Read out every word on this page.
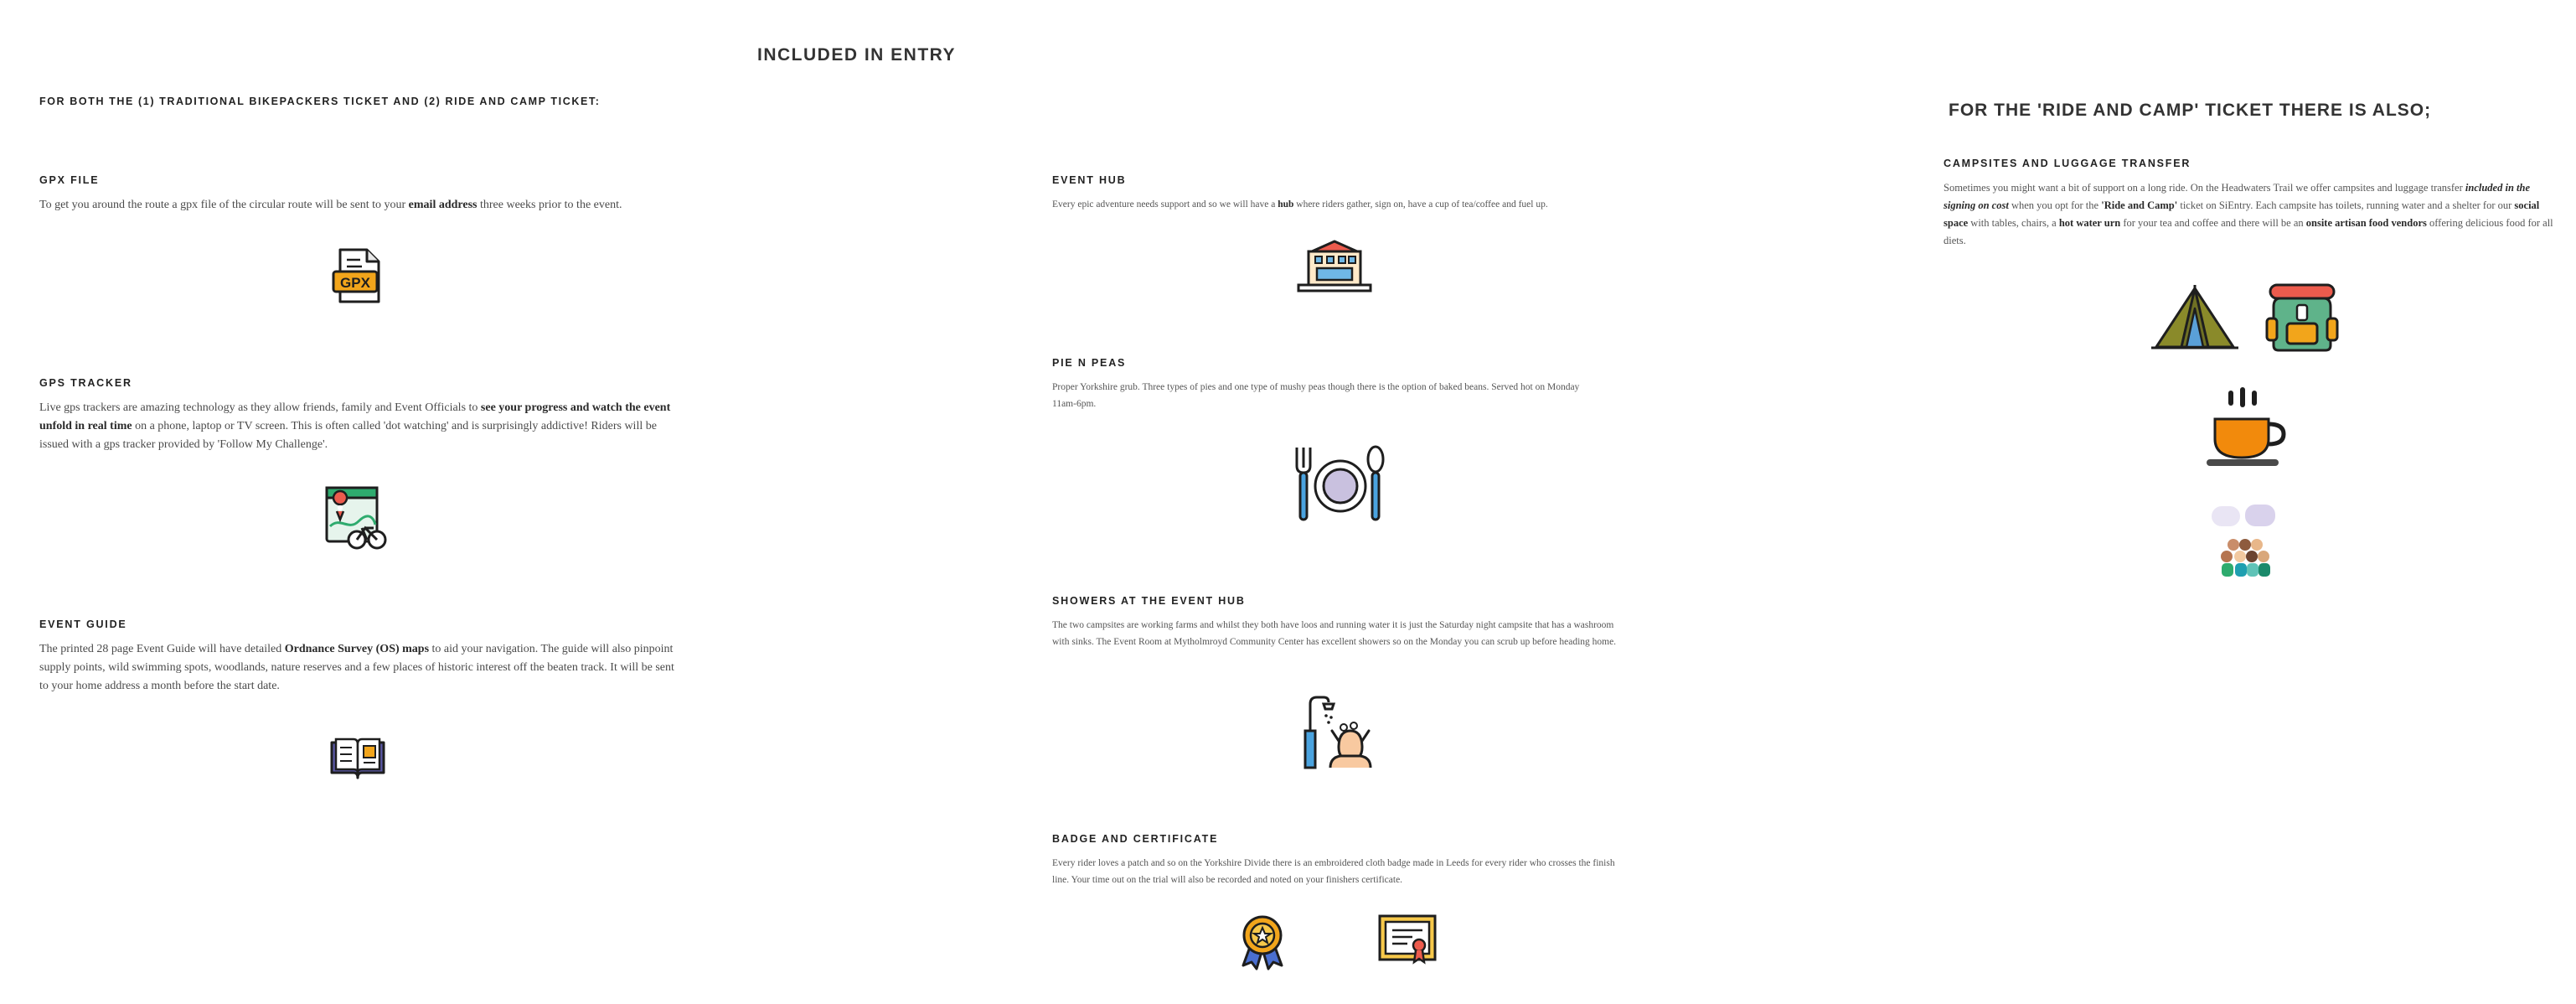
INCLUDED IN ENTRY
FOR BOTH THE (1) TRADITIONAL BIKEPACKERS TICKET AND (2) RIDE AND CAMP TICKET:
GPX FILE
To get you around the route a gpx file of the circular route will be sent to your email address three weeks prior to the event.
GPX
GPS TRACKER
Live gps trackers are amazing technology as they allow friends, family and Event Officials to see your progress and watch the event unfold in real time on a phone, laptop or TV screen. This is often called 'dot watching' and is surprisingly addictive! Riders will be issued with a gps tracker provided by 'Follow My Challenge'.
EVENT GUIDE
The printed 28 page Event Guide will have detailed Ordnance Survey (OS) maps to aid your navigation. The guide will also pinpoint supply points, wild swimming spots, woodlands, nature reserves and a few places of historic interest off the beaten track. It will be sent to your home address a month before the start date.
EVENT HUB
Every epic adventure needs support and so we will have a hub where riders gather, sign on, have a cup of tea/coffee and fuel up.
PIE N PEAS
Proper Yorkshire grub. Three types of pies and one type of mushy peas though there is the option of baked beans. Served hot on Monday 11am-6pm.
SHOWERS AT THE EVENT HUB
The two campsites are working farms and whilst they both have loos and running water it is just the Saturday night campsite that has a washroom with sinks. The Event Room at Mytholmroyd Community Center has excellent showers so on the Monday you can scrub up before heading home.
BADGE AND CERTIFICATE
Every rider loves a patch and so on the Yorkshire Divide there is an embroidered cloth badge made in Leeds for every rider who crosses the finish line. Your time out on the trial will also be recorded and noted on your finishers certificate.
FOR THE 'RIDE AND CAMP' TICKET THERE IS ALSO;
CAMPSITES AND LUGGAGE TRANSFER
Sometimes you might want a bit of support on a long ride. On the Headwaters Trail we offer campsites and luggage transfer included in the signing on cost when you opt for the 'Ride and Camp' ticket on SiEntry. Each campsite has toilets, running water and a shelter for our social space with tables, chairs, a hot water urn for your tea and coffee and there will be an onsite artisan food vendors offering delicious food for all diets.
